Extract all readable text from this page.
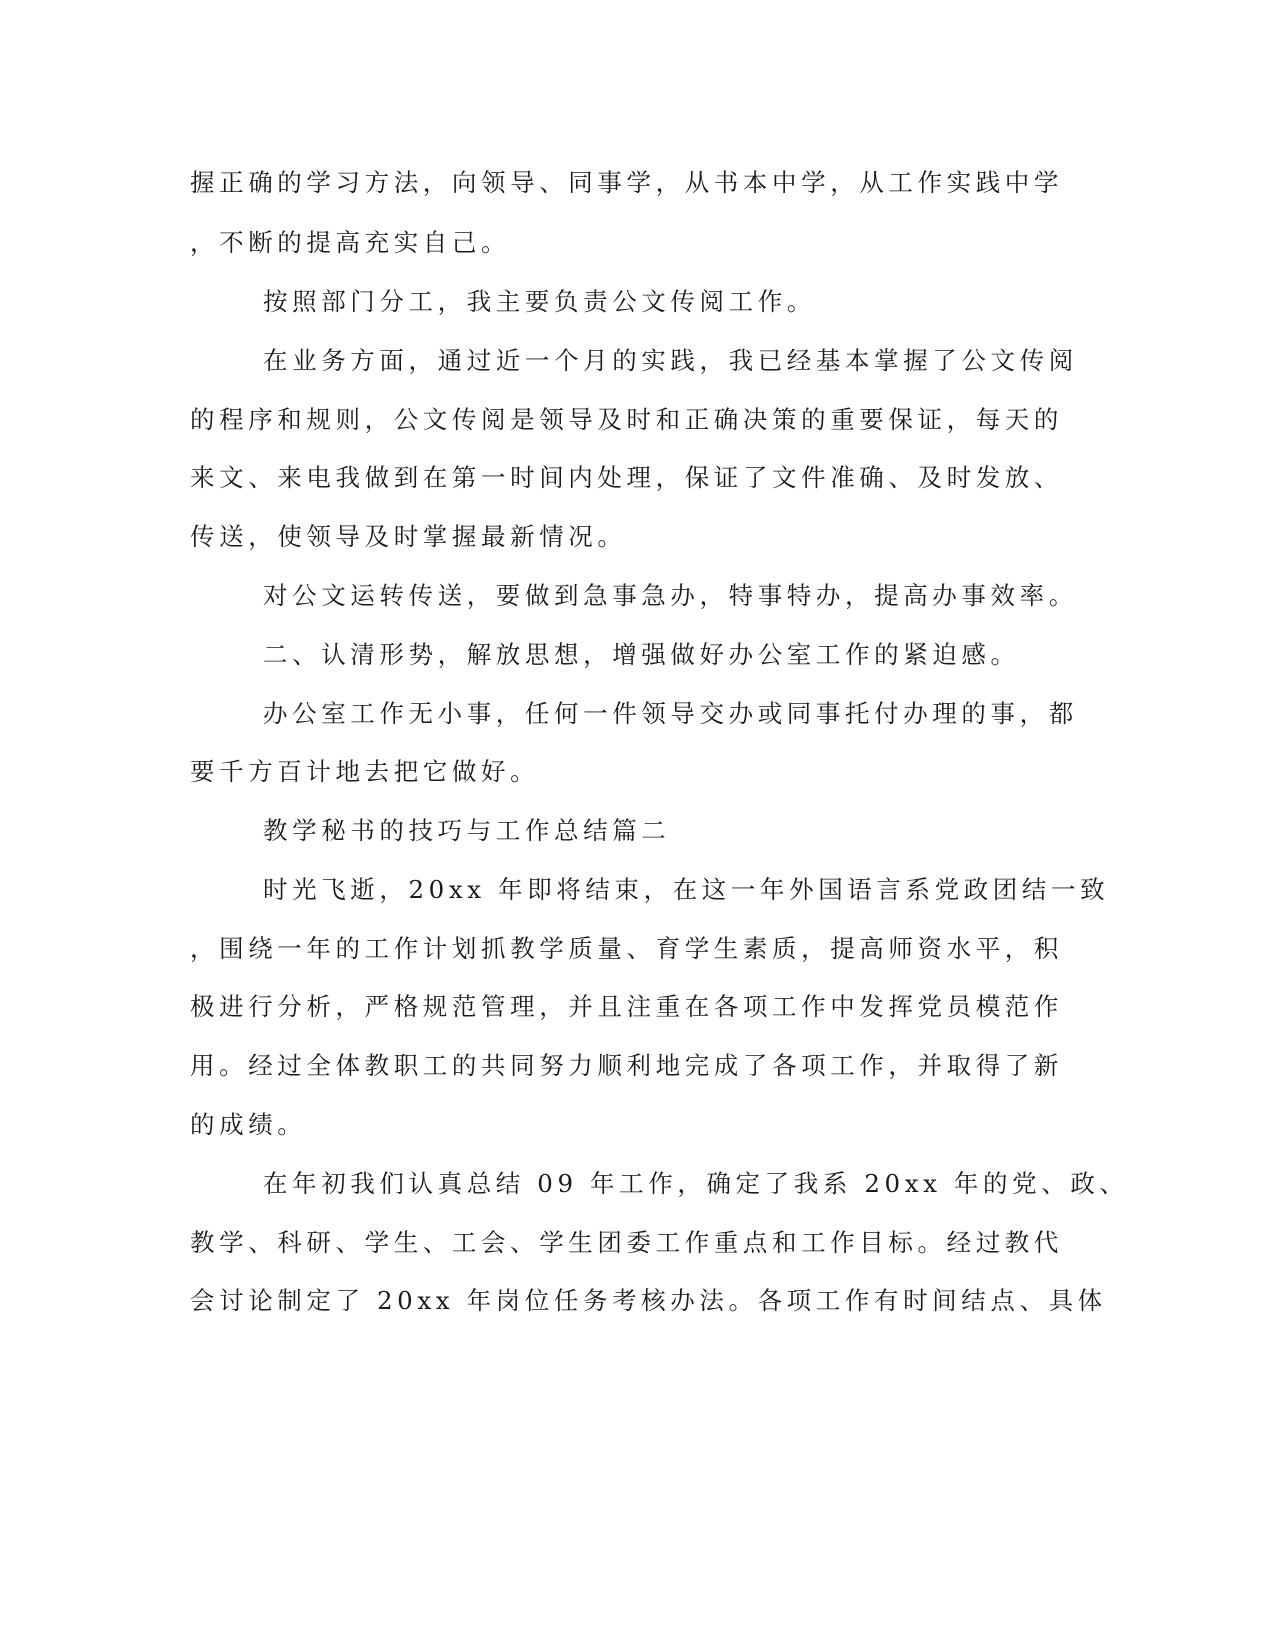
握正确的学习方法，向领导、同事学，从书本中学，从工作实践中学
，不断的提高充实自己。
按照部门分工，我主要负责公文传阅工作。
在业务方面，通过近一个月的实践，我已经基本掌握了公文传阅
的程序和规则，公文传阅是领导及时和正确决策的重要保证，每天的
来文、来电我做到在第一时间内处理，保证了文件准确、及时发放、
传送，使领导及时掌握最新情况。
对公文运转传送，要做到急事急办，特事特办，提高办事效率。
二、认清形势，解放思想，增强做好办公室工作的紧迫感。
办公室工作无小事，任何一件领导交办或同事托付办理的事，都
要千方百计地去把它做好。
教学秘书的技巧与工作总结篇二
时光飞逝，20xx 年即将结束，在这一年外国语言系党政团结一致
，围绕一年的工作计划抓教学质量、育学生素质，提高师资水平，积
极进行分析，严格规范管理，并且注重在各项工作中发挥党员模范作
用。经过全体教职工的共同努力顺利地完成了各项工作，并取得了新
的成绩。
在年初我们认真总结 09 年工作，确定了我系 20xx 年的党、政、
教学、科研、学生、工会、学生团委工作重点和工作目标。经过教代
会讨论制定了 20xx 年岗位任务考核办法。各项工作有时间结点、具体
